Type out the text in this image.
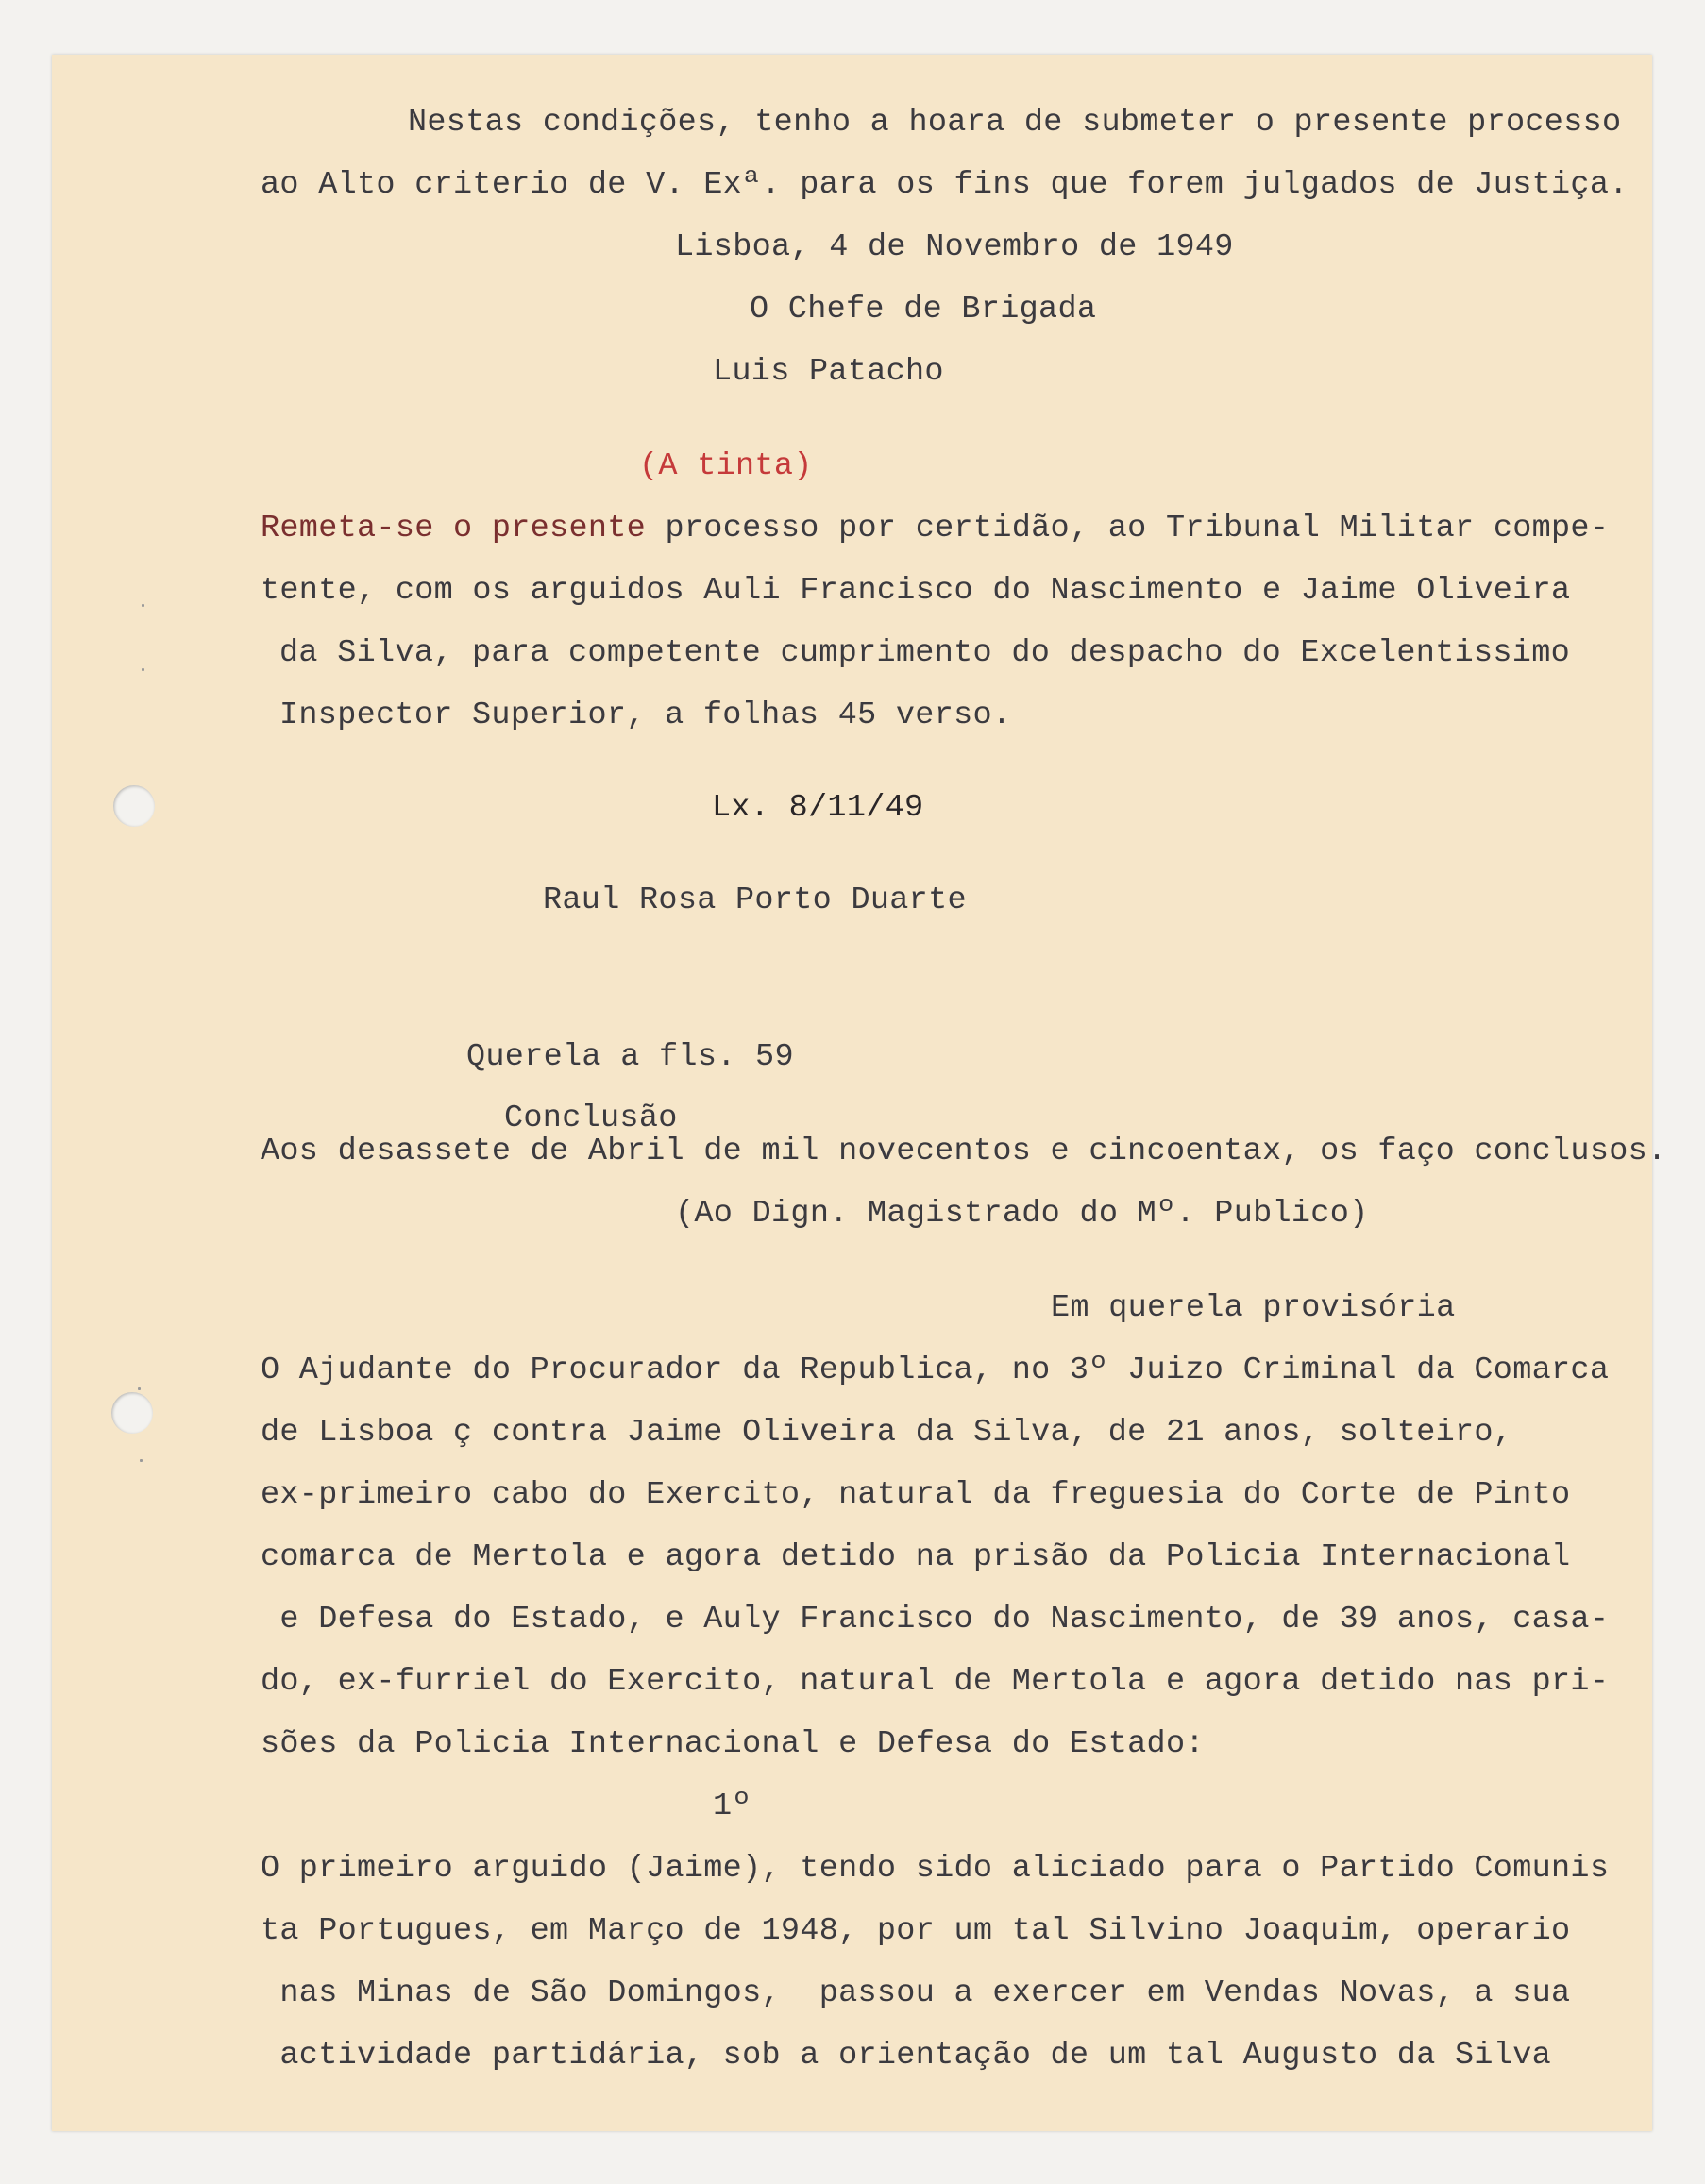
Nestas condições, tenho a hoara de submeter o presente processo
ao Alto criterio de V. Exª. para os fins que forem julgados de Justiça.
Lisboa, 4 de Novembro de 1949
O Chefe de Brigada
Luis Patacho
(A tinta)
Remeta-se o presente processo por certidão, ao Tribunal Militar compe-
tente, com os arguidos Auli Francisco do Nascimento e Jaime Oliveira
da Silva, para competente cumprimento do despacho do Excelentissimo
Inspector Superior, a folhas 45 verso.
Lx. 8/11/49
Raul Rosa Porto Duarte
Querela a fls. 59
Conclusão
Aos desassete de Abril de mil novecentos e cincoentax, os faço conclusos.
(Ao Dign. Magistrado do Mº. Publico)
Em querela provisória
O Ajudante do Procurador da Republica, no 3º Juizo Criminal da Comarca
de Lisboa ç contra Jaime Oliveira da Silva, de 21 anos, solteiro,
ex-primeiro cabo do Exercito, natural da freguesia do Corte de Pinto
comarca de Mertola e agora detido na prisão da Policia Internacional
e Defesa do Estado, e Auly Francisco do Nascimento, de 39 anos, casa-
do, ex-furriel do Exercito, natural de Mertola e agora detido nas pri-
sões da Policia Internacional e Defesa do Estado:
1º
O primeiro arguido (Jaime), tendo sido aliciado para o Partido Comunis
ta Portugues, em Março de 1948, por um tal Silvino Joaquim, operario
nas Minas de São Domingos,  passou a exercer em Vendas Novas, a sua
actividade partidária, sob a orientação de um tal Augusto da Silva
